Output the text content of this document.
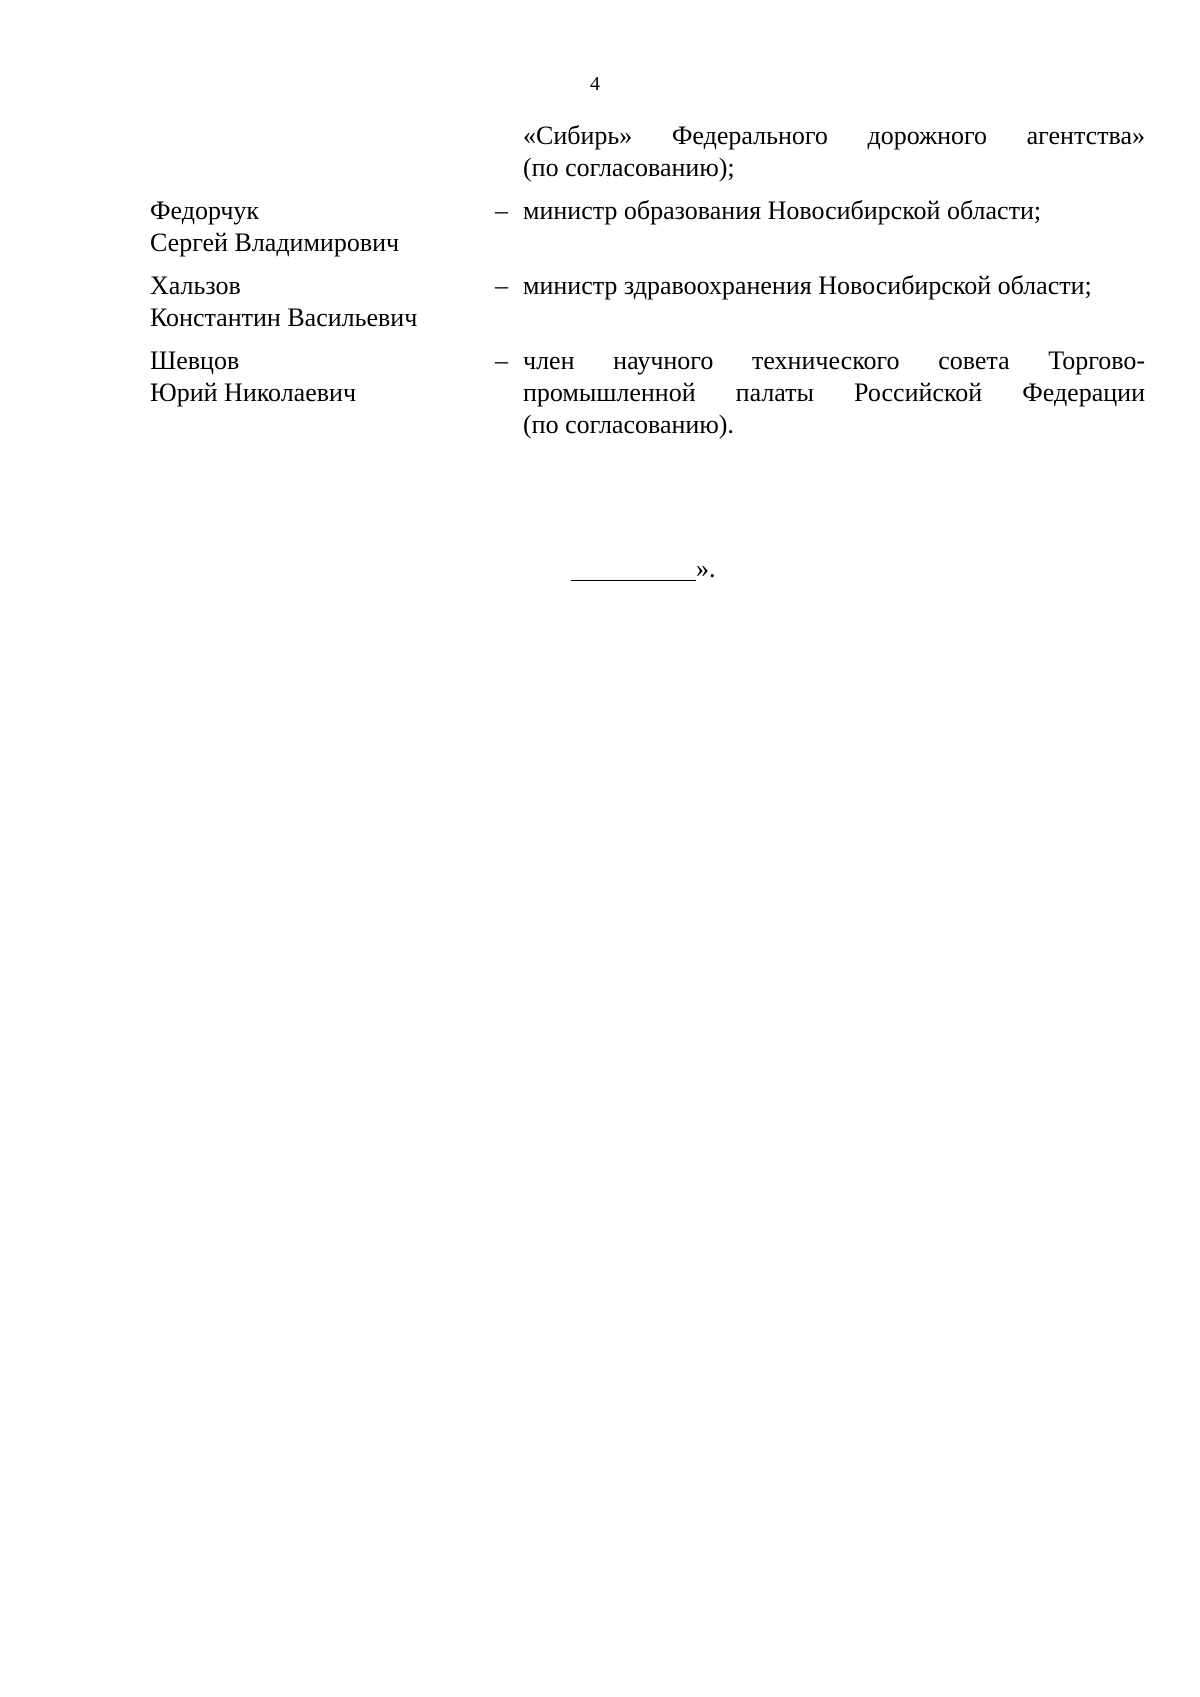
4
«Сибирь» Федерального дорожного агентства»
(по согласованию);
Федорчук
Сергей Владимирович
– министр образования Новосибирской области;
Хальзов
Константин Васильевич
– министр здравоохранения Новосибирской области;
Шевцов
Юрий Николаевич
– член научного технического совета Торгово-
промышленной палаты Российской Федерации
(по согласованию).
».
